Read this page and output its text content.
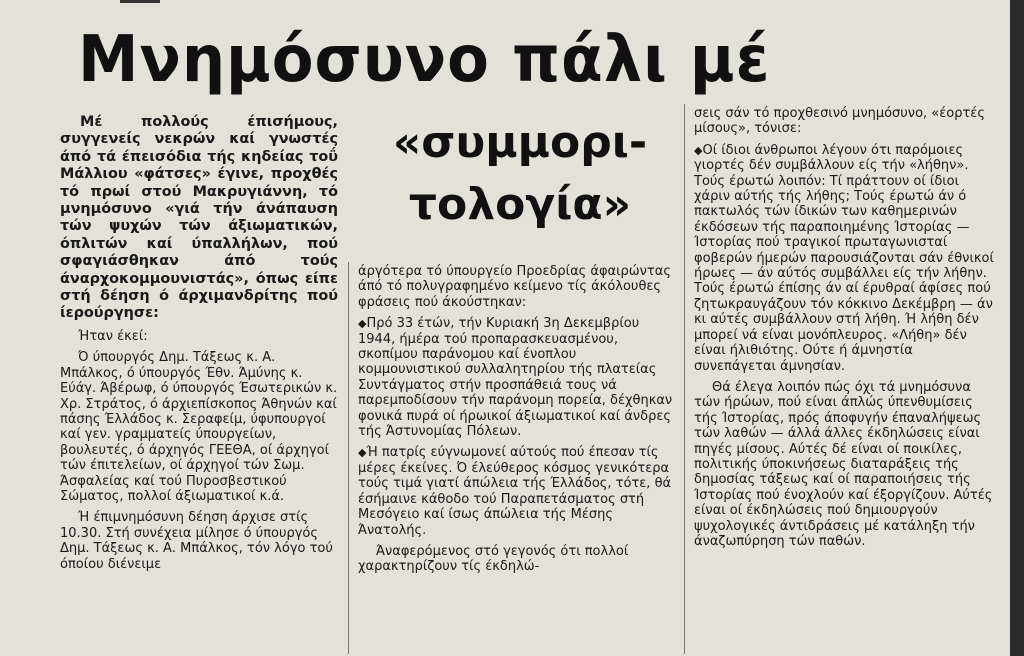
Μνημόσυνο πάλι μέ
«συμμορι-
τολογία»

Μέ πολλούς έπισήμους, συγγενείς νεκρών καί γνωστές άπό τά έπεισόδια τής κηδείας τοΰ Μάλλιου «φάτσες» έγινε, προχθές τό πρωί στού Μακρυγιάννη, τό μνημόσυνο «γιά τήν άνάπαυση τών ψυχών τών άξιωματικών, όπλιτών καί ύπαλλήλων, πού σφαγιάσθηκαν άπό τούς άναρχοκομμουνιστάς», όπως είπε στή δέηση ό άρχιμανδρίτης πού ίερούργησε:

Ήταν έκεί:

Ό ύπουργός Δημ. Τάξεως κ. Α. Μπάλκος, ό ύπουργός Έθν. Άμύνης κ. Εύάγ. Άβέρωφ, ό ύπουργός Έσωτερικών κ. Χρ. Στράτος, ό άρχιεπίσκοπος Άθηνών καί πάσης Έλλάδος κ. Σεραφείμ, ύφυπουργοί καί γεν. γραμματείς ύπουργείων, βουλευτές, ό άρχηγός ΓΕΕΘΑ, οί άρχηγοί τών έπιτελείων, οί άρχηγοί τών Σωμ. Άσφαλείας καί τού Πυροσβεστικού Σώματος, πολλοί άξιωματικοί κ.ά.

Ή έπιμνημόσυνη δέηση άρχισε στίς 10.30. Στή συνέχεια μίλησε ό ύπουργός Δημ. Τάξεως κ. Α. Μπάλκος, τόν λόγο τού όποίου διένειμε

άργότερα τό ύπουργείο Προεδρίας άφαιρώντας άπό τό πολυγραφημένο κείμενο τίς άκόλουθες φράσεις πού άκούστηκαν:

◆ Πρό 33 έτών, τήν Κυριακή 3η Δεκεμβρίου 1944, ήμέρα τού προπαρασκευασμένου, σκοπίμου παράνομου καί ένοπλου κομμουνιστικού συλλαλητηρίου τής πλατείας Συντάγματος στήν προσπάθειά τους νά παρεμποδίσουν τήν παράνομη πορεία, δέχθηκαν φονικά πυρά οί ήρωικοί άξιωματικοί καί άνδρες τής Άστυνομίας Πόλεων.

◆ Ή πατρίς εύγνωμονεί αύτούς πού έπεσαν τίς μέρες έκείνες. Ό έλεύθερος κόσμος γενικότερα τούς τιμά γιατί άπώλεια τής Έλλάδος, τότε, θά έσήμαινε κάθοδο τού Παραπετάσματος στή Μεσόγειο καί ίσως άπώλεια τής Μέσης Άνατολής.

Άναφερόμενος στό γεγονός ότι πολλοί χαρακτηρίζουν τίς έκδηλώ-

σεις σάν τό προχθεσινό μνημόσυνο, «έορτές μίσους», τόνισε:

◆ Οί ίδιοι άνθρωποι λέγουν ότι παρόμοιες γιορτές δέν συμβάλλουν είς τήν «λήθην». Τούς έρωτώ λοιπόν: Τί πράττουν οί ίδιοι χάριν αύτής τής λήθης; Τούς έρωτώ άν ό πακτωλός τών ίδικών των καθημερινών έκδόσεων τής παραποιημένης Ίστορίας — Ίστορίας πού τραγικοί πρωταγωνισταί φοβερών ήμερών παρουσιάζονται σάν έθνικοί ήρωες — άν αύτός συμβάλλει είς τήν λήθην. Τούς έρωτώ έπίσης άν αί έρυθραί άφίσες πού ζητωκραυγάζουν τόν κόκκινο Δεκέμβρη — άν κι αύτές συμβάλλουν στή λήθη. Ή λήθη δέν μπορεί νά είναι μονόπλευρος. «Λήθη» δέν είναι ήλιθιότης. Ούτε ή άμνηστία συνεπάγεται άμνησίαν.

Θά έλεγα λοιπόν πώς όχι τά μνημόσυνα τών ήρώων, πού είναι άπλώς ύπενθυμίσεις τής Ίστορίας, πρός άποφυγήν έπαναλήψεως τών λαθών — άλλά άλλες έκδηλώσεις είναι πηγές μίσους. Αύτές δέ είναι οί ποικίλες, πολιτικής ύποκινήσεως διαταράξεις τής δημοσίας τάξεως καί οί παραποιήσεις τής Ίστορίας πού ένοχλούν καί έξοργίζουν. Αύτές είναι οί έκδηλώσεις πού δημιουργούν ψυχολογικές άντιδράσεις μέ κατάληξη τήν άναζωπύρηση τών παθών.
